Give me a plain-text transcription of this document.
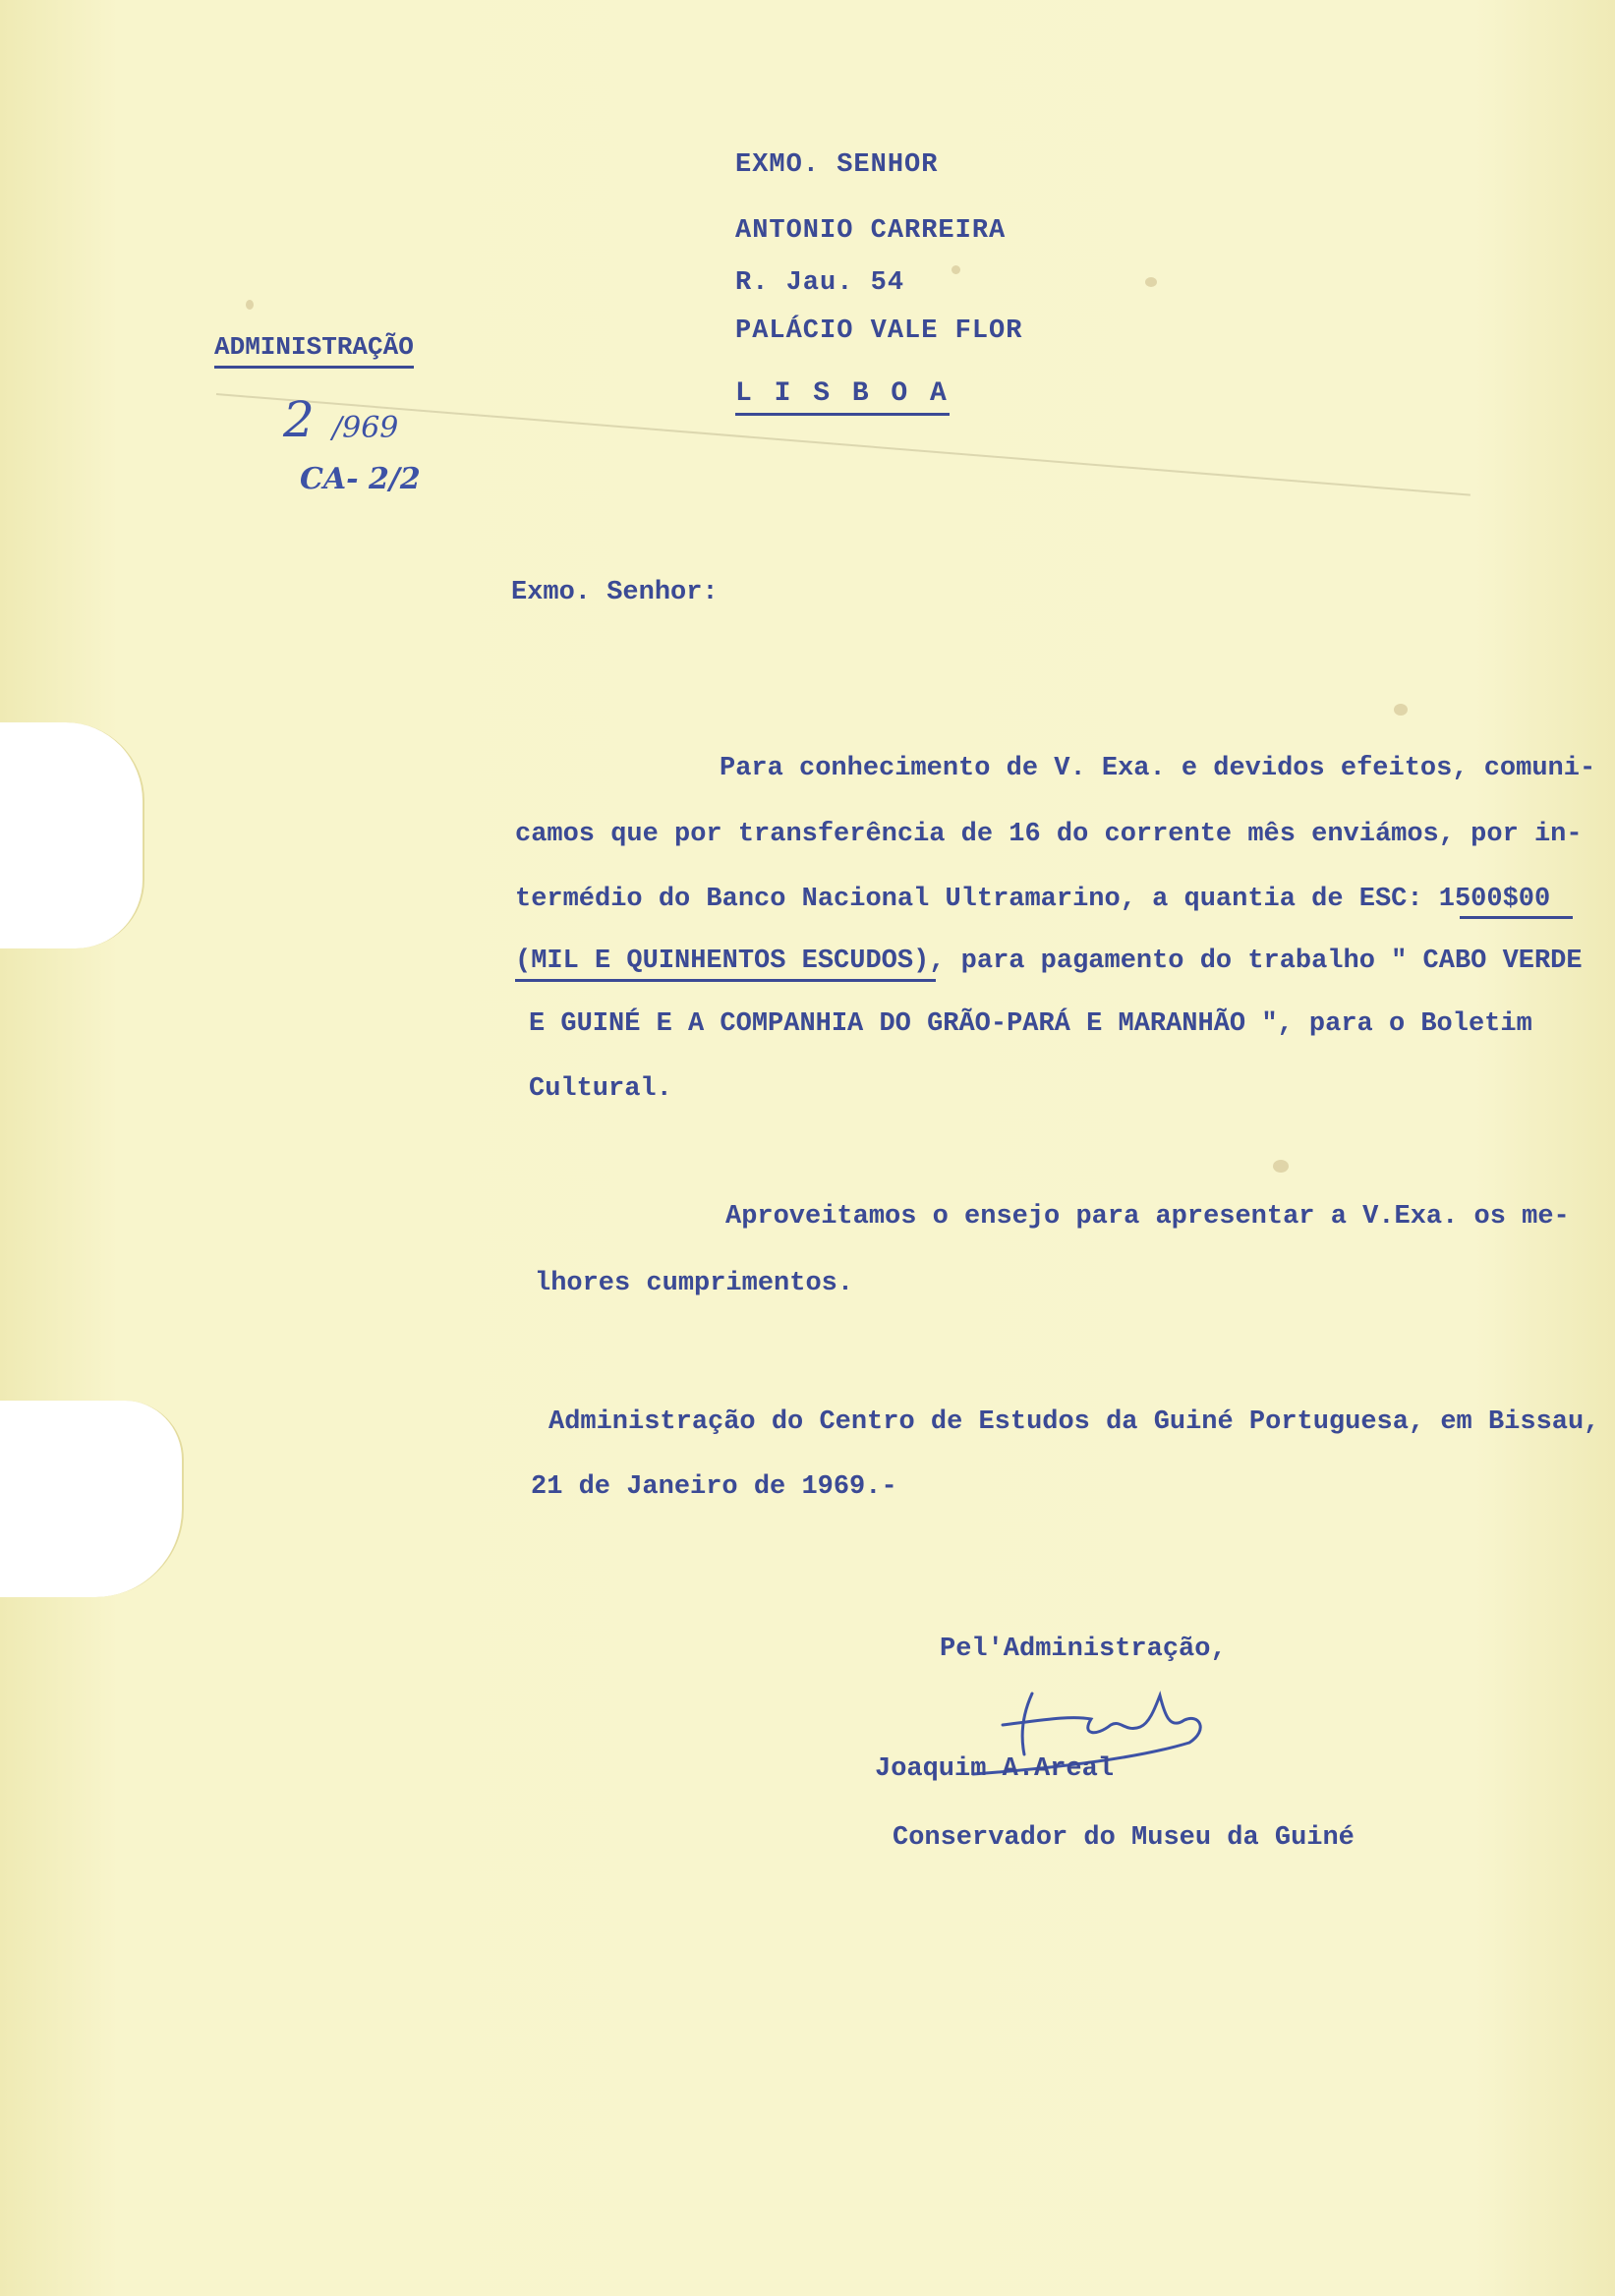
EXMO. SENHOR
ANTONIO CARREIRA
R. Jau. 54
PALÁCIO VALE FLOR
L I S B O A
ADMINISTRAÇÃO
2 /969
CA- 2/2
Exmo. Senhor:
Para conhecimento de V. Exa. e devidos efeitos, comuni-
camos que por transferência de 16 do corrente mês enviámos, por in-
termédio do Banco Nacional Ultramarino, a quantia de ESC: 1500$00
(MIL E QUINHENTOS ESCUDOS), para pagamento do trabalho " CABO VERDE
E GUINÉ E A COMPANHIA DO GRÃO-PARÁ E MARANHÃO ", para o Boletim
Cultural.
Aproveitamos o ensejo para apresentar a V.Exa. os me-
lhores cumprimentos.
Administração do Centro de Estudos da Guiné Portuguesa, em Bissau,
21 de Janeiro de 1969.-
Pel'Administração,
Joaquim A.Areal
Conservador do Museu da Guiné
